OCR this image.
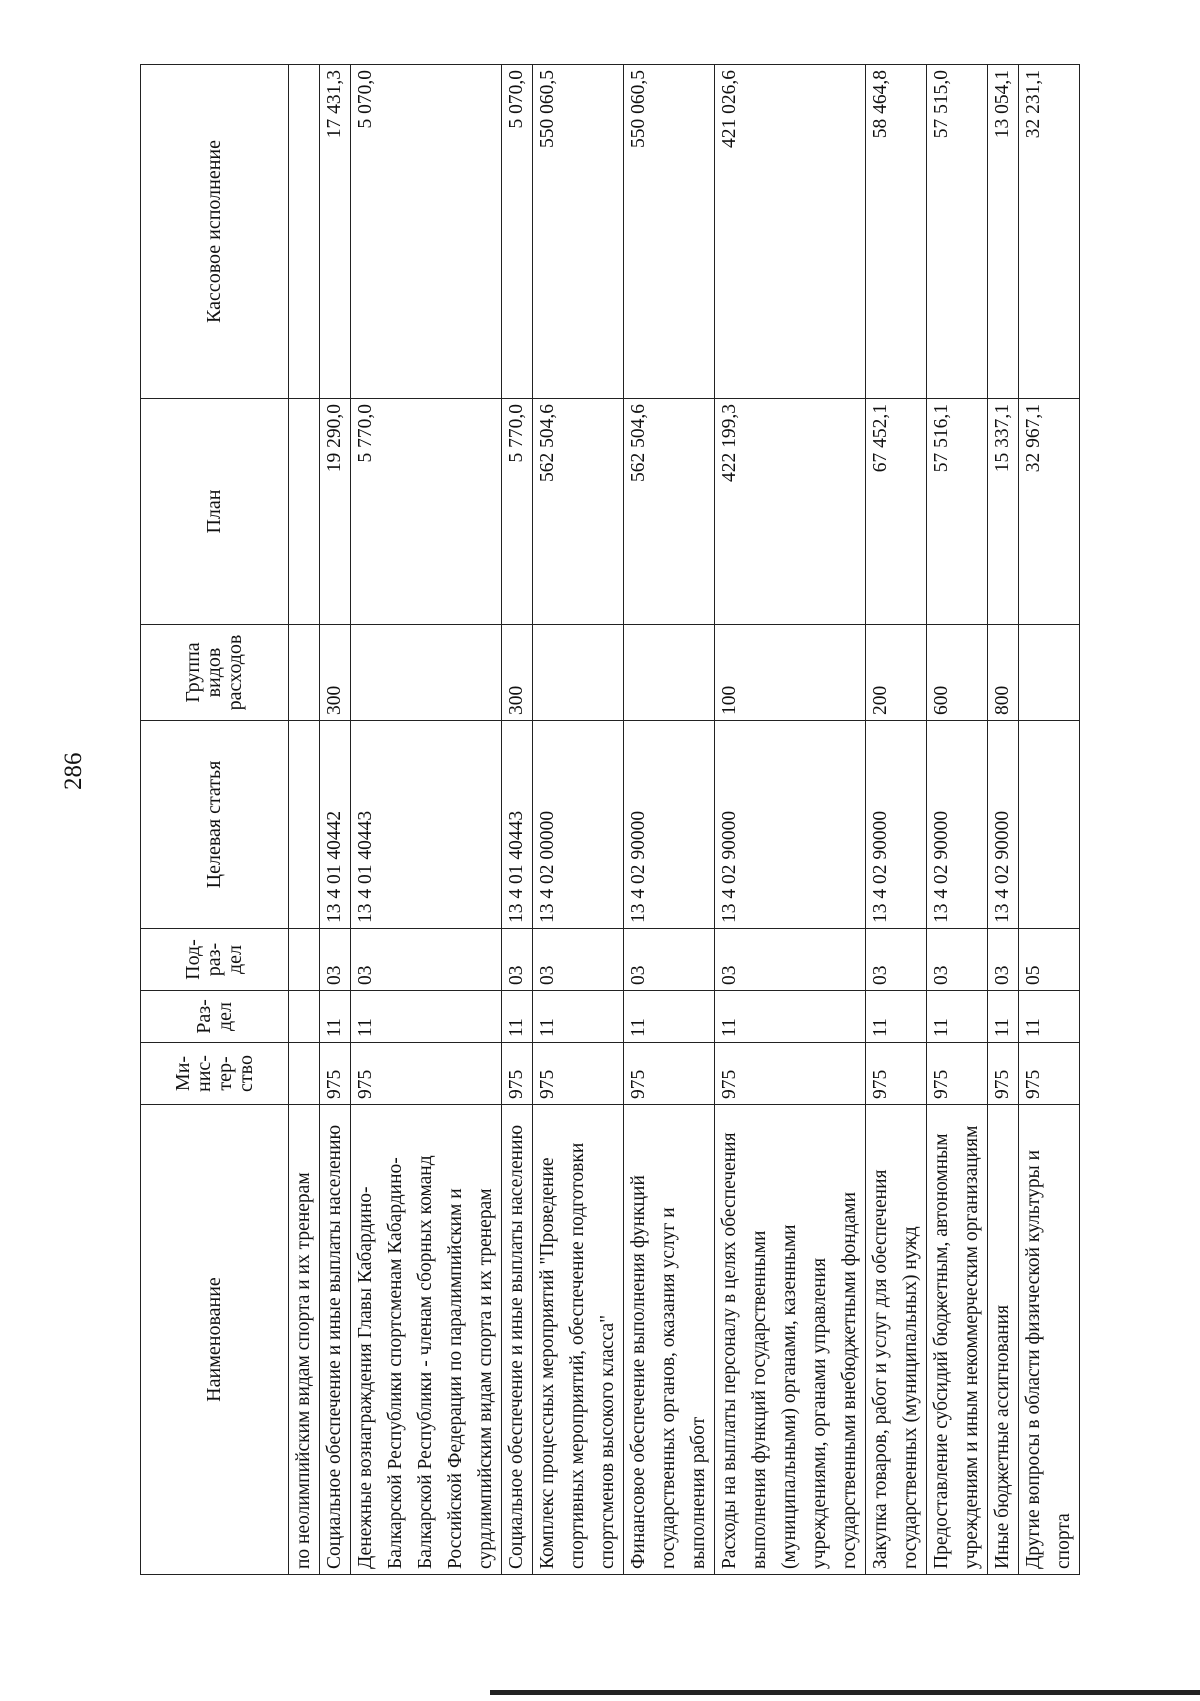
286
Наименование	Ми-нис-тер-ство	Раз-дел	Под-раз-дел	Целевая статья	Группа видов расходов	План	Кассовое исполнение
по неолимпийским видам спорта и их тренерам							
Социальное обеспечение и иные выплаты населению	975	11	03	13 4 01 40442	300	19 290,0	17 431,3
Денежные вознаграждения Главы Кабардино-Балкарской Республики спортсменам Кабардино-Балкарской Республики - членам сборных команд Российской Федерации по паралимпийским и сурдлимпийским видам спорта и их тренерам	975	11	03	13 4 01 40443		5 770,0	5 070,0
Социальное обеспечение и иные выплаты населению	975	11	03	13 4 01 40443	300	5 770,0	5 070,0
Комплекс процессных мероприятий "Проведение спортивных мероприятий, обеспечение подготовки спортсменов высокого класса"	975	11	03	13 4 02 00000		562 504,6	550 060,5
Финансовое обеспечение выполнения функций государственных органов, оказания услуг и выполнения работ	975	11	03	13 4 02 90000		562 504,6	550 060,5
Расходы на выплаты персоналу в целях обеспечения выполнения функций государственными (муниципальными) органами, казенными учреждениями, органами управления государственными внебюджетными фондами	975	11	03	13 4 02 90000	100	422 199,3	421 026,6
Закупка товаров, работ и услуг для обеспечения государственных (муниципальных) нужд	975	11	03	13 4 02 90000	200	67 452,1	58 464,8
Предоставление субсидий бюджетным, автономным учреждениям и иным некоммерческим организациям	975	11	03	13 4 02 90000	600	57 516,1	57 515,0
Иные бюджетные ассигнования	975	11	03	13 4 02 90000	800	15 337,1	13 054,1
Другие вопросы в области физической культуры и спорта	975	11	05			32 967,1	32 231,1
